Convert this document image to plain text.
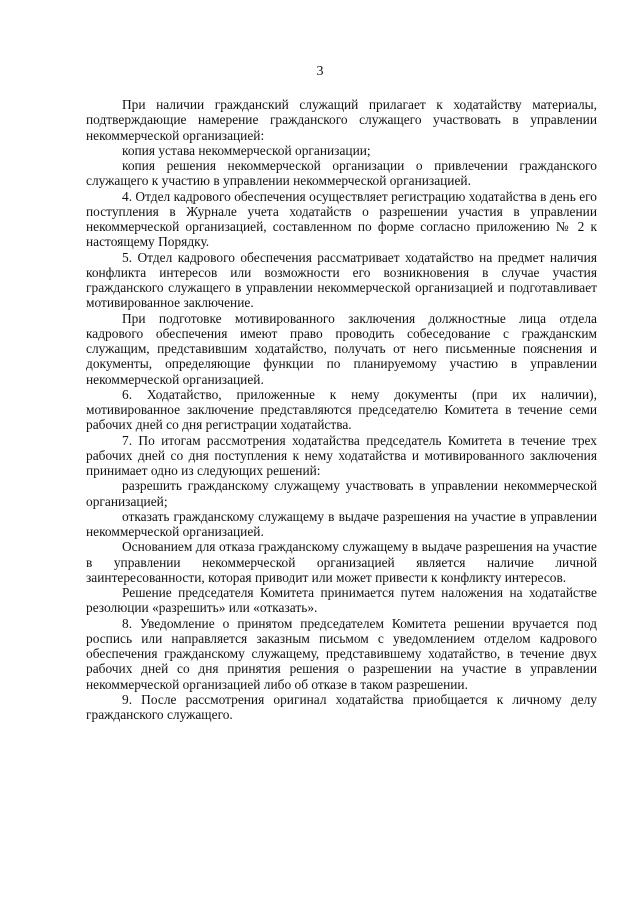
3

При наличии гражданский служащий прилагает к ходатайству материалы, подтверждающие намерение гражданского служащего участвовать в управлении некоммерческой организацией:

копия устава некоммерческой организации;

копия решения некоммерческой организации о привлечении гражданского служащего к участию в управлении некоммерческой организацией.

4. Отдел кадрового обеспечения осуществляет регистрацию ходатайства в день его поступления в Журнале учета ходатайств о разрешении участия в управлении некоммерческой организацией, составленном по форме согласно приложению № 2 к настоящему Порядку.

5. Отдел кадрового обеспечения рассматривает ходатайство на предмет наличия конфликта интересов или возможности его возникновения в случае участия гражданского служащего в управлении некоммерческой организацией и подготавливает мотивированное заключение.

При подготовке мотивированного заключения должностные лица отдела кадрового обеспечения имеют право проводить собеседование с гражданским служащим, представившим ходатайство, получать от него письменные пояснения и документы, определяющие функции по планируемому участию в управлении некоммерческой организацией.

6. Ходатайство, приложенные к нему документы (при их наличии), мотивированное заключение представляются председателю Комитета в течение семи рабочих дней со дня регистрации ходатайства.

7. По итогам рассмотрения ходатайства председатель Комитета в течение трех рабочих дней со дня поступления к нему ходатайства и мотивированного заключения принимает одно из следующих решений:

разрешить гражданскому служащему участвовать в управлении некоммерческой организацией;

отказать гражданскому служащему в выдаче разрешения на участие в управлении некоммерческой организацией.

Основанием для отказа гражданскому служащему в выдаче разрешения на участие в управлении некоммерческой организацией является наличие личной заинтересованности, которая приводит или может привести к конфликту интересов.

Решение председателя Комитета принимается путем наложения на ходатайстве резолюции «разрешить» или «отказать».

8. Уведомление о принятом председателем Комитета решении вручается под роспись или направляется заказным письмом с уведомлением отделом кадрового обеспечения гражданскому служащему, представившему ходатайство, в течение двух рабочих дней со дня принятия решения о разрешении на участие в управлении некоммерческой организацией либо об отказе в таком разрешении.

9. После рассмотрения оригинал ходатайства приобщается к личному делу гражданского служащего.
